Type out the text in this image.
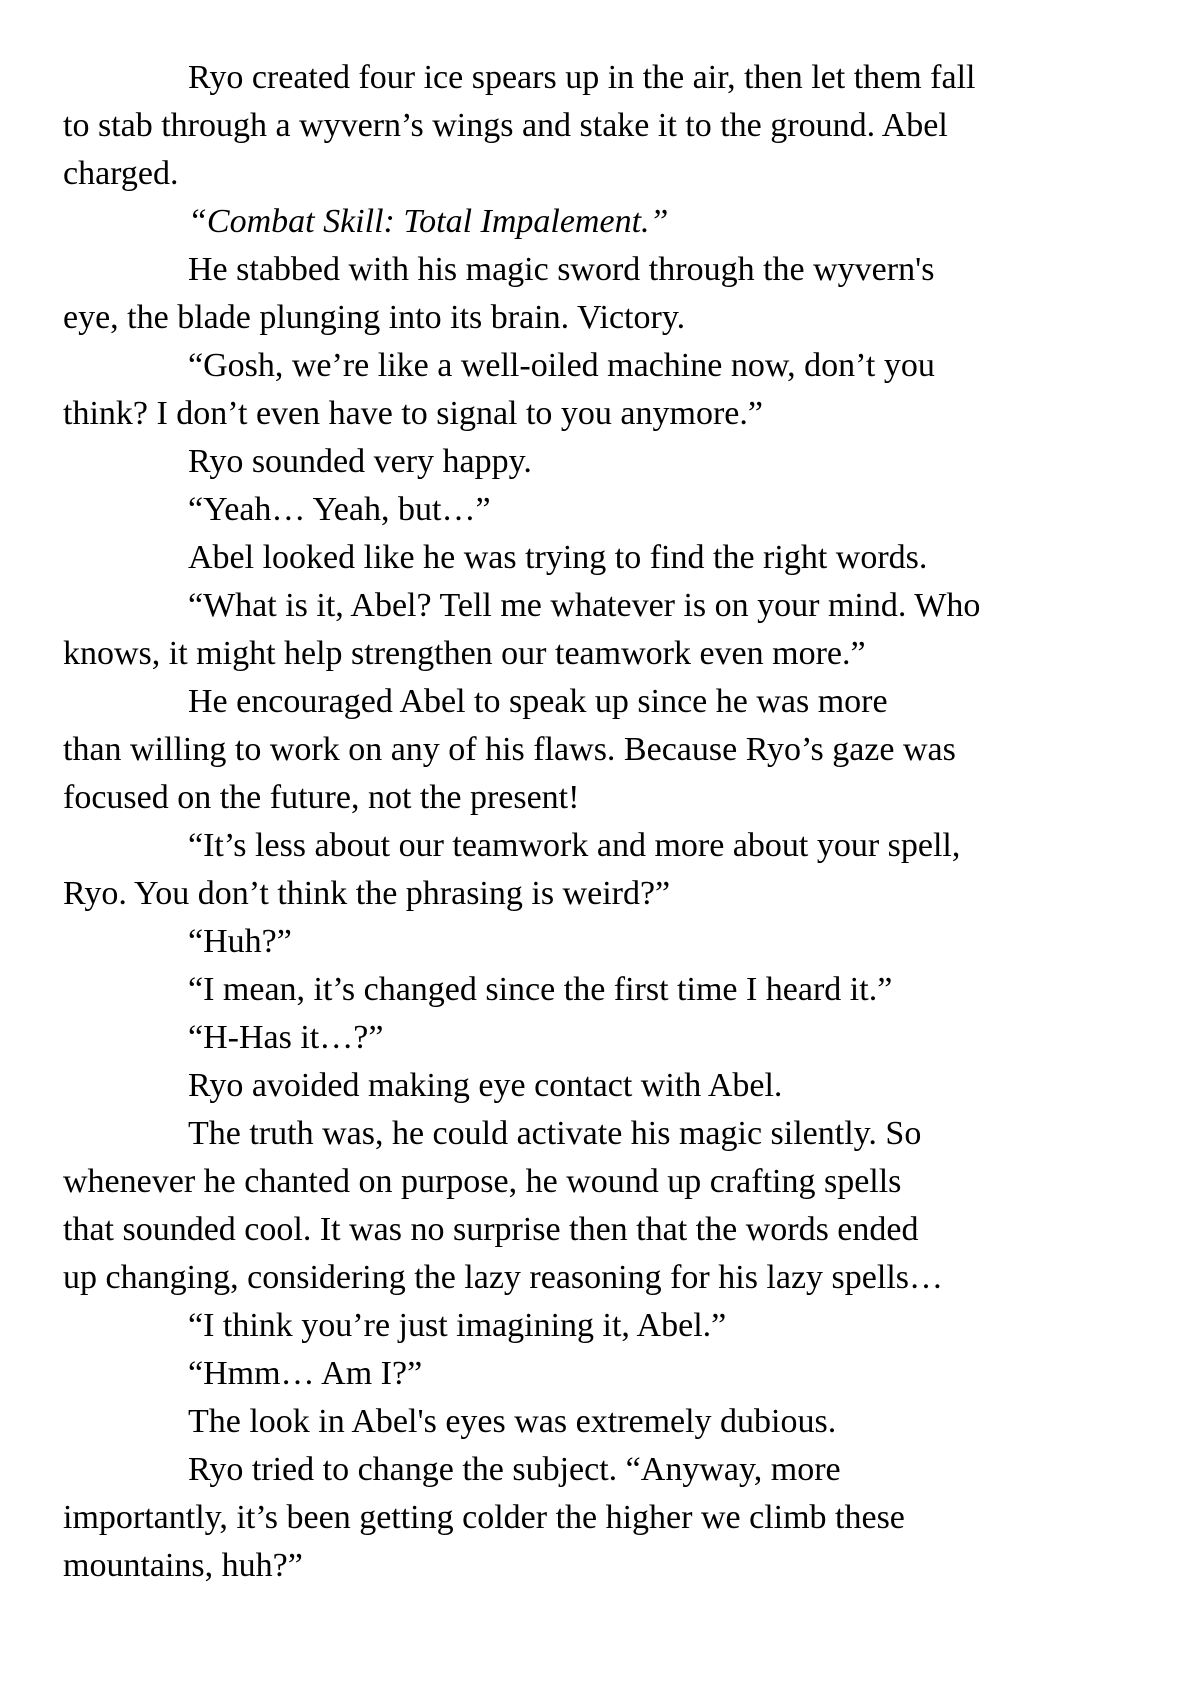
Ryo created four ice spears up in the air, then let them fall
to stab through a wyvern’s wings and stake it to the ground. Abel
charged.

“Combat Skill: Total Impalement.”

He stabbed with his magic sword through the wyvern's
eye, the blade plunging into its brain. Victory.

“Gosh, we’re like a well-oiled machine now, don’t you
think? I don’t even have to signal to you anymore.”

Ryo sounded very happy.

“Yeah… Yeah, but…”

Abel looked like he was trying to find the right words.

“What is it, Abel? Tell me whatever is on your mind. Who
knows, it might help strengthen our teamwork even more.”

He encouraged Abel to speak up since he was more
than willing to work on any of his flaws. Because Ryo’s gaze was
focused on the future, not the present!

“It’s less about our teamwork and more about your spell,
Ryo. You don’t think the phrasing is weird?”

“Huh?”

“I mean, it’s changed since the first time I heard it.”

“H-Has it…?”

Ryo avoided making eye contact with Abel.

The truth was, he could activate his magic silently. So
whenever he chanted on purpose, he wound up crafting spells
that sounded cool. It was no surprise then that the words ended
up changing, considering the lazy reasoning for his lazy spells…

“I think you’re just imagining it, Abel.”

“Hmm… Am I?”

The look in Abel's eyes was extremely dubious.

Ryo tried to change the subject. “Anyway, more
importantly, it’s been getting colder the higher we climb these
mountains, huh?”
